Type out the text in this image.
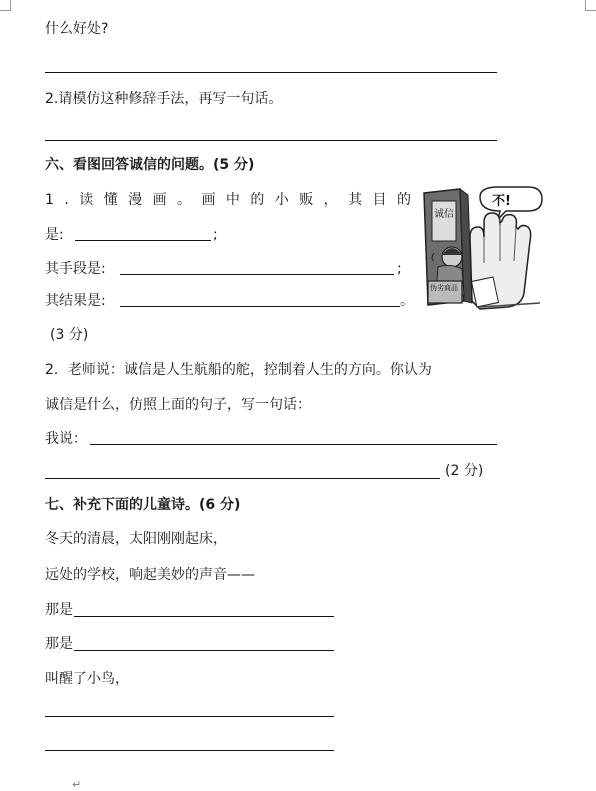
什么好处?
2.请模仿这种修辞手法，再写一句话。
六、看图回答诚信的问题。(5 分)
1 . 读 懂 漫 画 。 画 中 的 小 贩 ， 其 目 的
是:	;
其手段是:	;
其结果是:	。
(3 分)
诚信
不!
伪劣商品
2．老师说：诚信是人生航船的舵，控制着人生的方向。你认为
诚信是什么，仿照上面的句子，写一句话：
我说：
(2 分)
七、补充下面的儿童诗。(6 分)
冬天的清晨，太阳刚刚起床，
远处的学校，响起美妙的声音——
那是
那是
叫醒了小鸟，
↵
